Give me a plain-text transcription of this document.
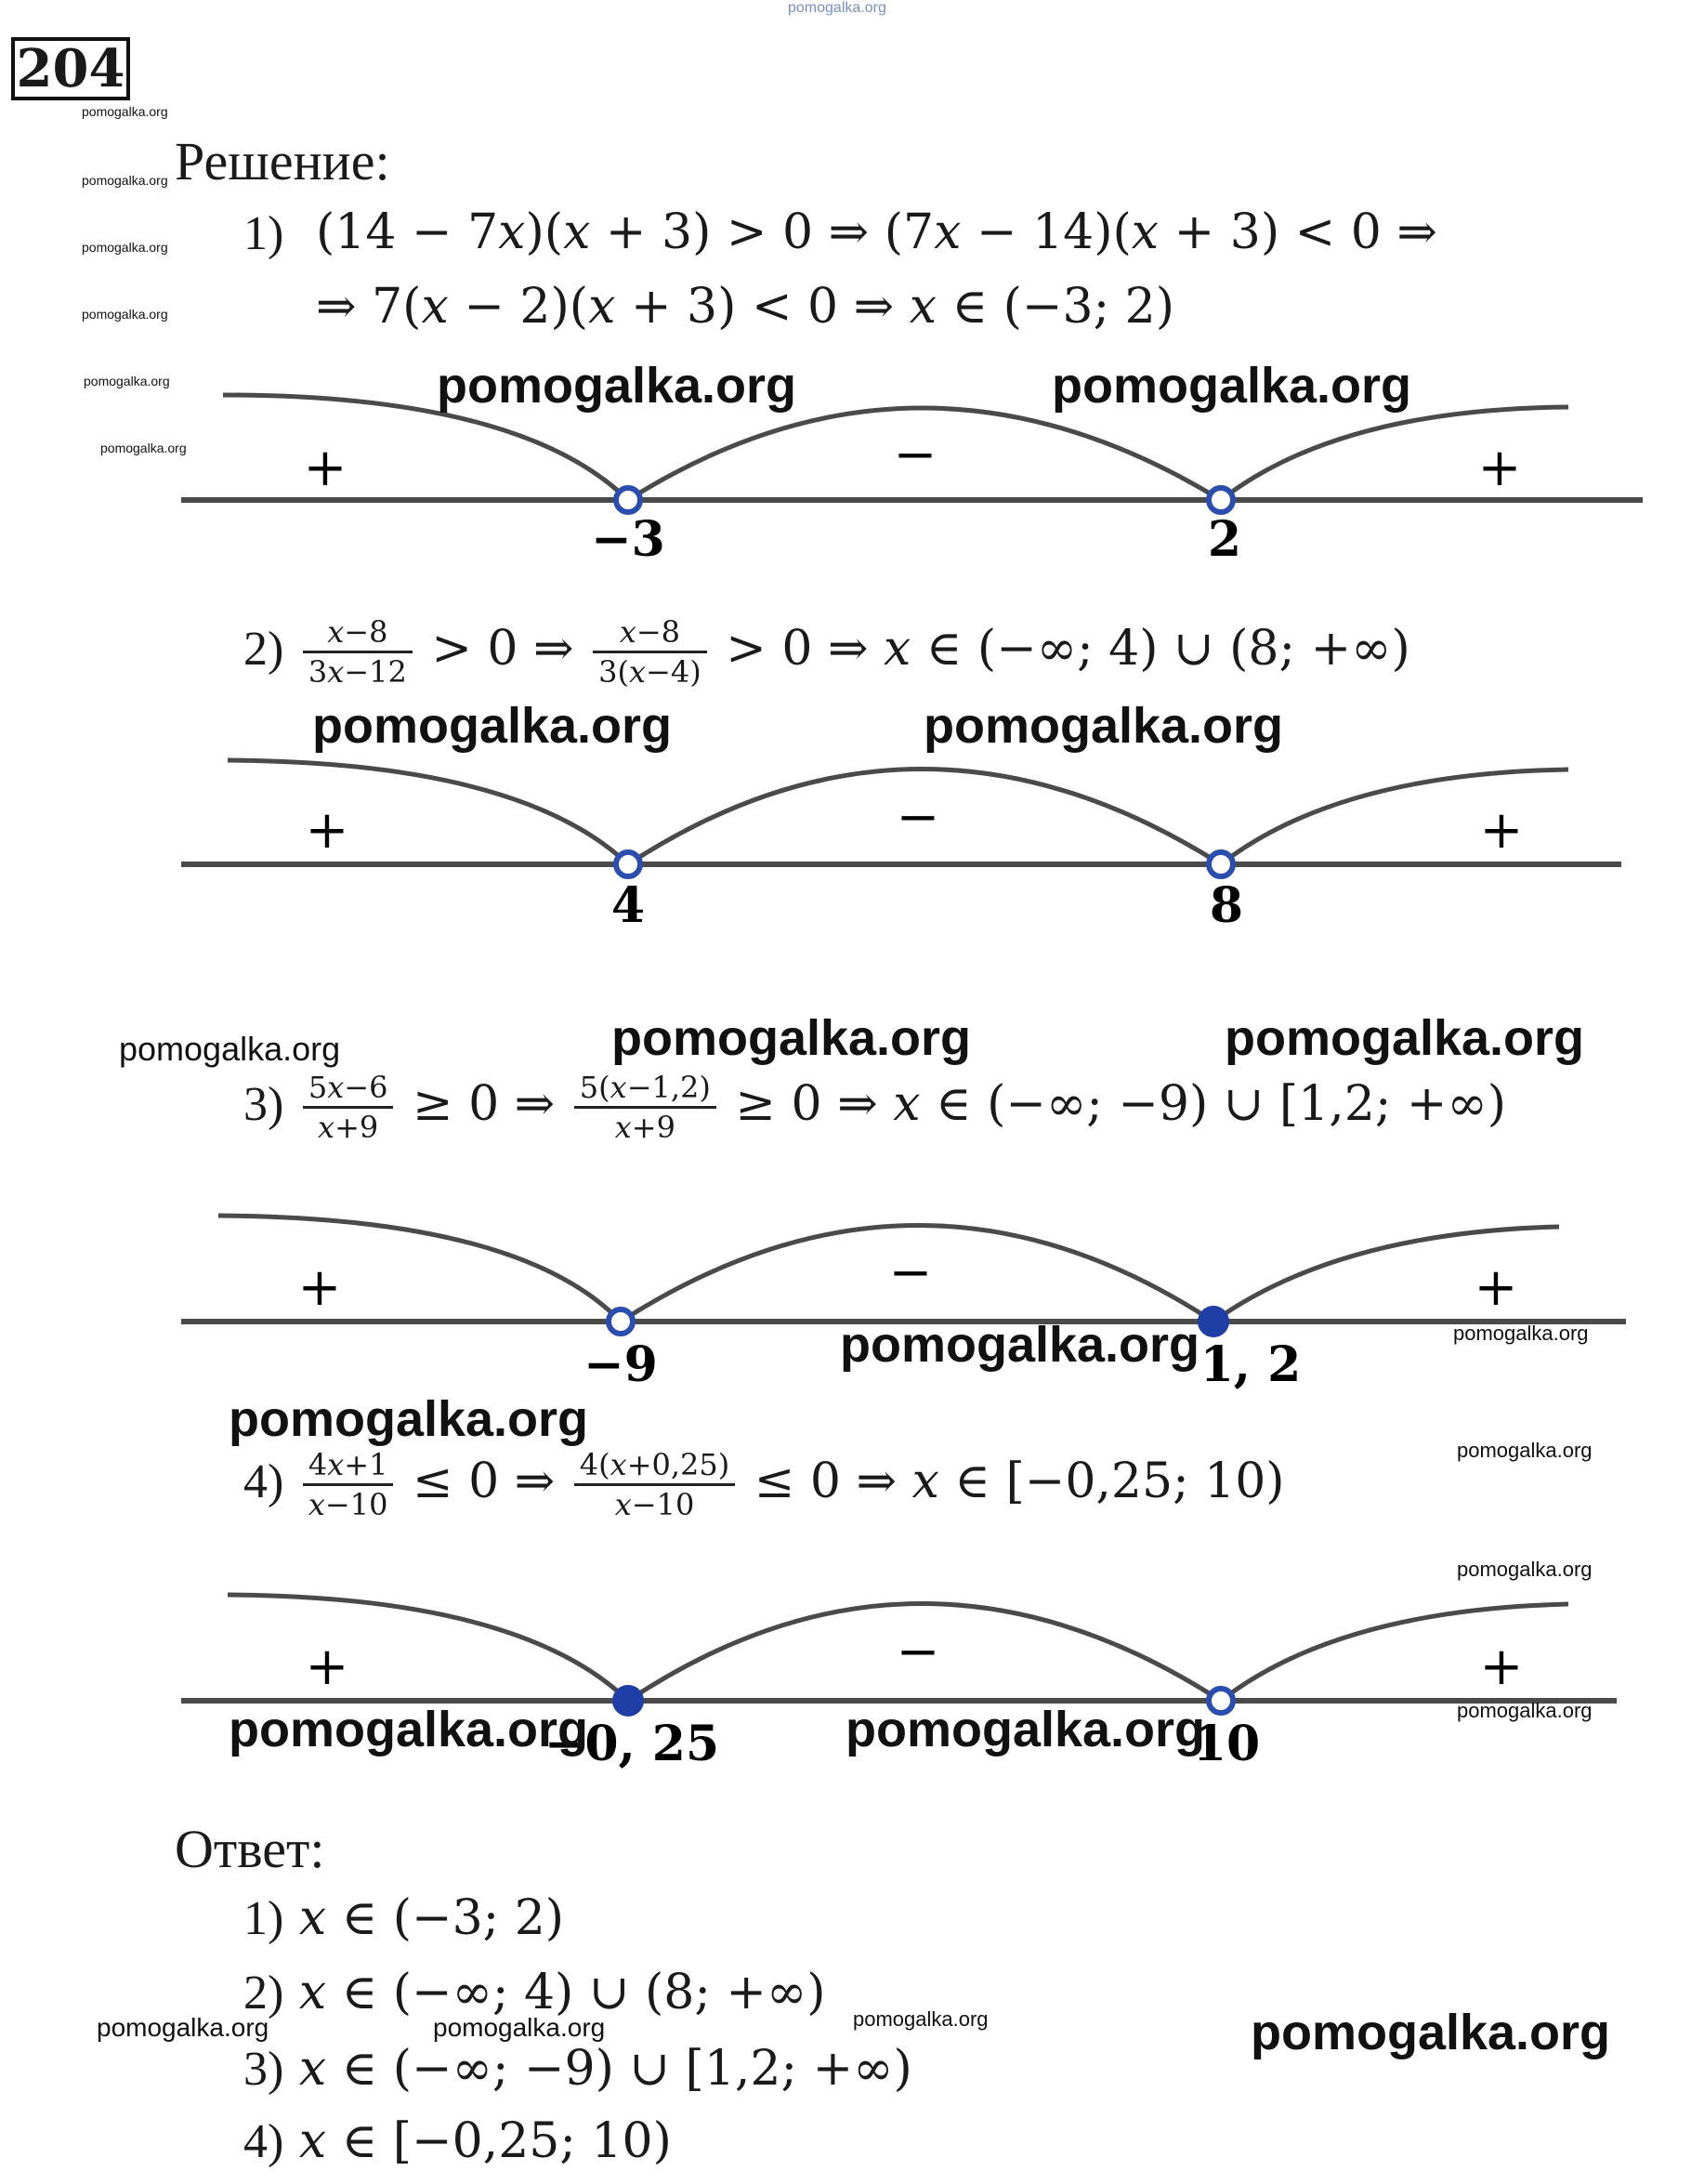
pomogalka.org
204
pomogalka.org
pomogalka.org
pomogalka.org
pomogalka.org
pomogalka.org
pomogalka.org
Решение:
1) (14 − 7𝑥)(𝑥 + 3) > 0 ⇒ (7𝑥 − 14)(𝑥 + 3) < 0 ⇒
⇒ 7(𝑥 − 2)(𝑥 + 3) < 0 ⇒ 𝑥 ∈ (−3; 2)
−3	2
+	−	+
pomogalka.org	pomogalka.org
$2) \frac{\text{𝑥−8}}{\text{3𝑥−12}} > 0$ ⇒ $\frac{\text{𝑥−8}}{\text{3(𝑥−4)}} > 0$ ⇒ 𝑥 ∈ (−∞; 4) ∪ (8; +∞)
4	8
+	−	+
pomogalka.org	pomogalka.org
pomogalka.org	pomogalka.org	pomogalka.org
$3) \frac{\text{5𝑥−6}}{\text{𝑥+9}} \ge 0$ ⇒ $\frac{\text{5(𝑥−1,2)}}{\text{𝑥+9}} \ge 0$ ⇒ 𝑥 ∈ (−∞; −9) ∪ [1,2; +∞)
−9	1, 2
+	−	+
pomogalka.org	pomogalka.org
pomogalka.org
pomogalka.org
$4) \frac{\text{4𝑥+1}}{\text{𝑥−10}} \le 0$ ⇒ $\frac{\text{4(𝑥+0,25)}}{\text{𝑥−10}} \le 0$ ⇒ 𝑥 ∈ [−0,25; 10)
pomogalka.org
−0, 25	10
+	−	+
pomogalka.org	pomogalka.org	pomogalka.org
Ответ:
1) 𝑥 ∈ (−3; 2)
2) 𝑥 ∈ (−∞; 4) ∪ (8; +∞)
3) 𝑥 ∈ (−∞; −9) ∪ [1,2; +∞)
4) 𝑥 ∈ [−0,25; 10)
pomogalka.org	pomogalka.org	pomogalka.org	pomogalka.org
